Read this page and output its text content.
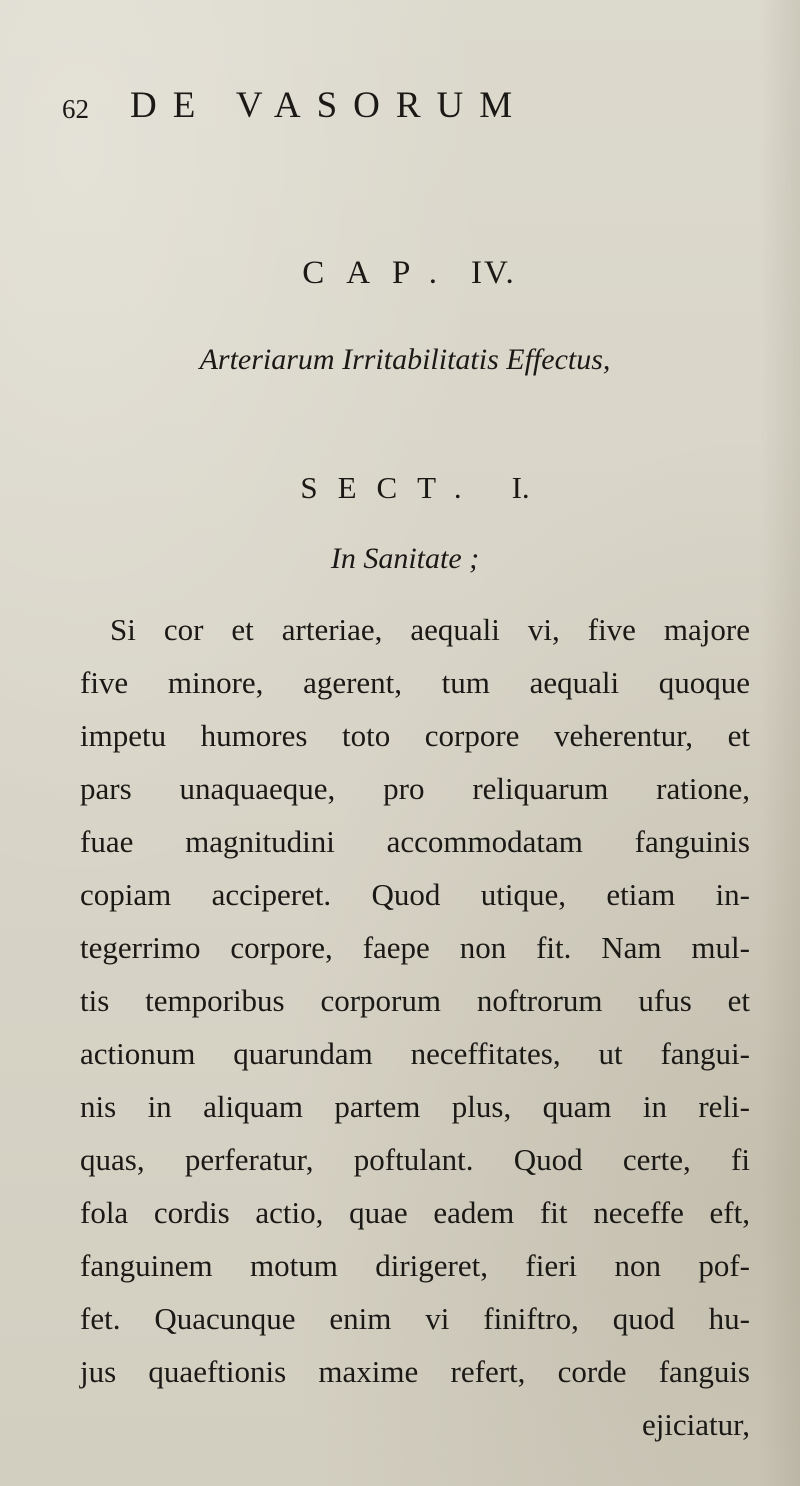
62 DE VASORUM
CAP. IV.
Arteriarum Irritabilitatis Effectus,
SECT. I.
In Sanitate ;
Si cor et arteriae, aequali vi, five majore
five minore, agerent, tum aequali quoque
impetu humores toto corpore veherentur, et
pars unaquaeque, pro reliquarum ratione,
fuae magnitudini accommodatam fanguinis
copiam acciperet. Quod utique, etiam in-
tegerrimo corpore, faepe non fit. Nam mul-
tis temporibus corporum noftrorum ufus et
actionum quarundam neceffitates, ut fangui-
nis in aliquam partem plus, quam in reli-
quas, perferatur, poftulant. Quod certe, fi
fola cordis actio, quae eadem fit neceffe eft,
fanguinem motum dirigeret, fieri non pof-
fet. Quacunque enim vi finiftro, quod hu-
jus quaeftionis maxime refert, corde fanguis
ejiciatur,
